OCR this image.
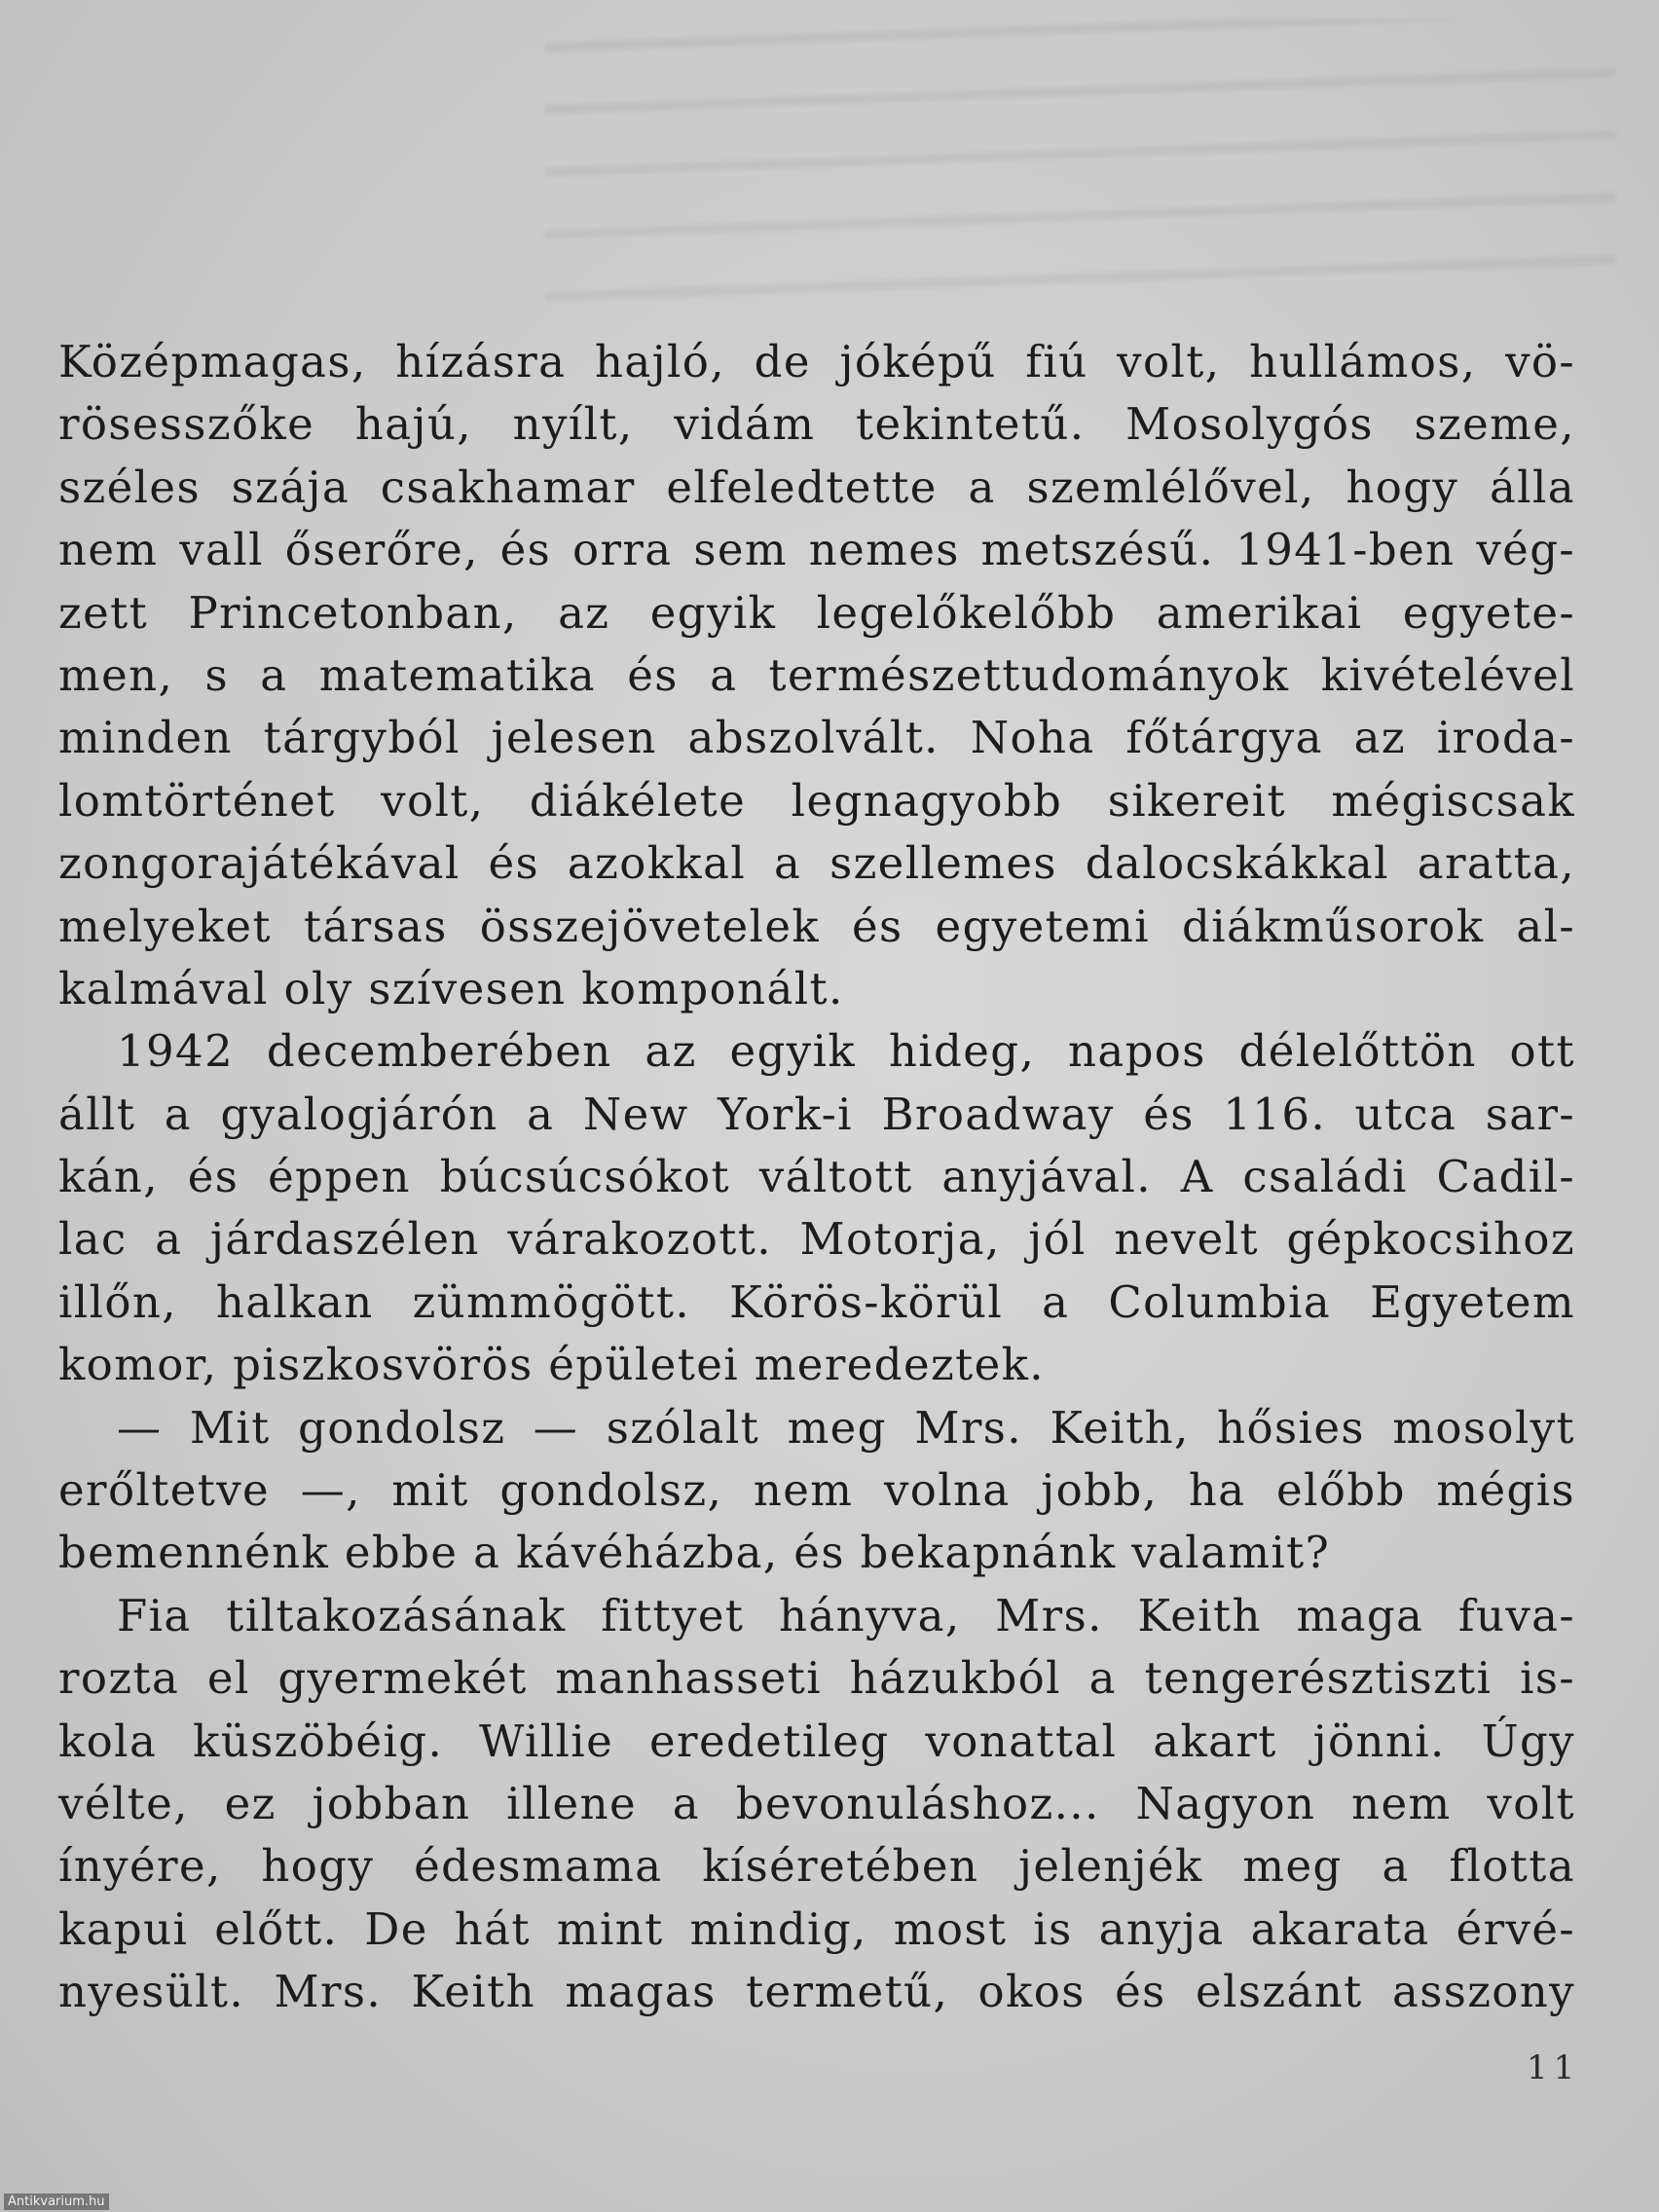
Középmagas, hízásra hajló, de jóképű fiú volt, hullámos, vö-
rösesszőke hajú, nyílt, vidám tekintetű. Mosolygós szeme,
széles szája csakhamar elfeledtette a szemlélővel, hogy álla
nem vall őserőre, és orra sem nemes metszésű. 1941-ben vég-
zett Princetonban, az egyik legelőkelőbb amerikai egyete-
men, s a matematika és a természettudományok kivételével
minden tárgyból jelesen abszolvált. Noha főtárgya az iroda-
lomtörténet volt, diákélete legnagyobb sikereit mégiscsak
zongorajátékával és azokkal a szellemes dalocskákkal aratta,
melyeket társas összejövetelek és egyetemi diákműsorok al-
kalmával oly szívesen komponált.
1942 decemberében az egyik hideg, napos délelőttön ott
állt a gyalogjárón a New York-i Broadway és 116. utca sar-
kán, és éppen búcsúcsókot váltott anyjával. A családi Cadil-
lac a járdaszélen várakozott. Motorja, jól nevelt gépkocsihoz
illőn, halkan zümmögött. Körös-körül a Columbia Egyetem
komor, piszkosvörös épületei meredeztek.
— Mit gondolsz — szólalt meg Mrs. Keith, hősies mosolyt
erőltetve —, mit gondolsz, nem volna jobb, ha előbb mégis
bemennénk ebbe a kávéházba, és bekapnánk valamit?
Fia tiltakozásának fittyet hányva, Mrs. Keith maga fuva-
rozta el gyermekét manhasseti házukból a tengerésztiszti is-
kola küszöbéig. Willie eredetileg vonattal akart jönni. Úgy
vélte, ez jobban illene a bevonuláshoz... Nagyon nem volt
ínyére, hogy édesmama kíséretében jelenjék meg a flotta
kapui előtt. De hát mint mindig, most is anyja akarata érvé-
nyesült. Mrs. Keith magas termetű, okos és elszánt asszony
11
Antikvarium.hu
